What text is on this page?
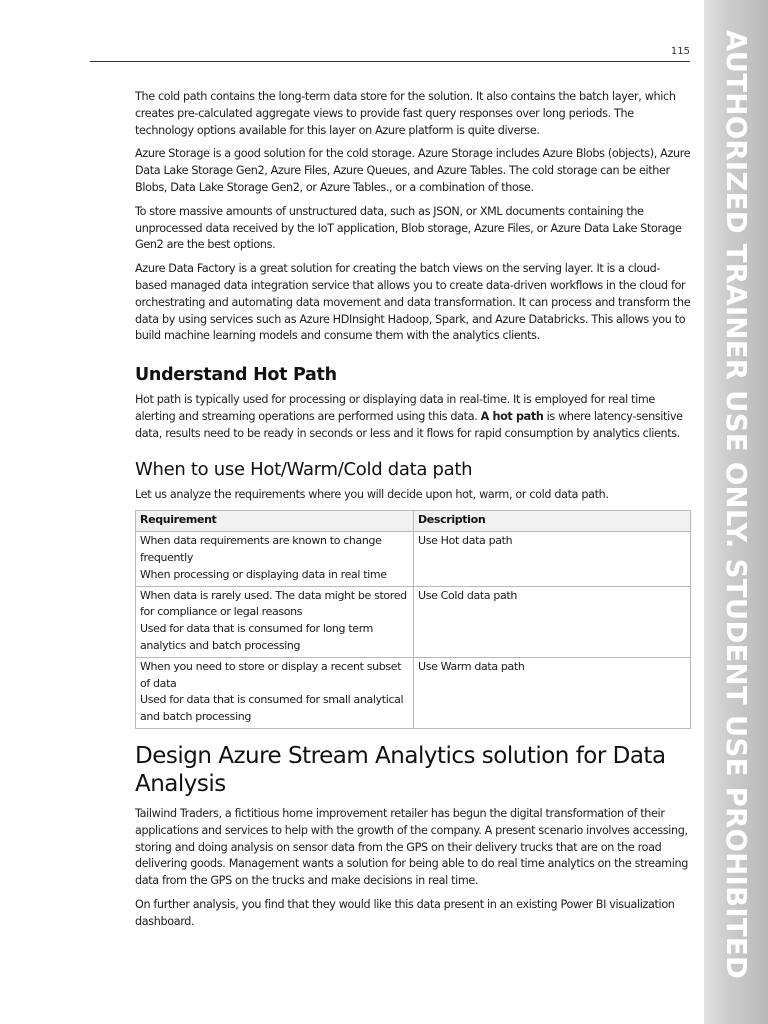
AUTHORIZED TRAINER USE ONLY. STUDENT USE PROHIBITED
115

The cold path contains the long-term data store for the solution. It also contains the batch layer, which creates pre-calculated aggregate views to provide fast query responses over long periods. The technology options available for this layer on Azure platform is quite diverse.

Azure Storage is a good solution for the cold storage. Azure Storage includes Azure Blobs (objects), Azure Data Lake Storage Gen2, Azure Files, Azure Queues, and Azure Tables. The cold storage can be either Blobs, Data Lake Storage Gen2, or Azure Tables., or a combination of those.

To store massive amounts of unstructured data, such as JSON, or XML documents containing the unprocessed data received by the IoT application, Blob storage, Azure Files, or Azure Data Lake Storage Gen2 are the best options.

Azure Data Factory is a great solution for creating the batch views on the serving layer. It is a cloud-based managed data integration service that allows you to create data-driven workflows in the cloud for orchestrating and automating data movement and data transformation. It can process and transform the data by using services such as Azure HDInsight Hadoop, Spark, and Azure Databricks. This allows you to build machine learning models and consume them with the analytics clients.

Understand Hot Path

Hot path is typically used for processing or displaying data in real-time. It is employed for real time alerting and streaming operations are performed using this data. A hot path is where latency-sensitive data, results need to be ready in seconds or less and it flows for rapid consumption by analytics clients.

When to use Hot/Warm/Cold data path

Let us analyze the requirements where you will decide upon hot, warm, or cold data path.

Requirement	Description

When data requirements are known to change frequently
When processing or displaying data in real time	Use Hot data path

When data is rarely used. The data might be stored for compliance or legal reasons
Used for data that is consumed for long term analytics and batch processing	Use Cold data path

When you need to store or display a recent subset of data
Used for data that is consumed for small analytical and batch processing	Use Warm data path
Design Azure Stream Analytics solution for Data Analysis

Tailwind Traders, a fictitious home improvement retailer has begun the digital transformation of their applications and services to help with the growth of the company. A present scenario involves accessing, storing and doing analysis on sensor data from the GPS on their delivery trucks that are on the road delivering goods. Management wants a solution for being able to do real time analytics on the streaming data from the GPS on the trucks and make decisions in real time.

On further analysis, you find that they would like this data present in an existing Power BI visualization dashboard.
